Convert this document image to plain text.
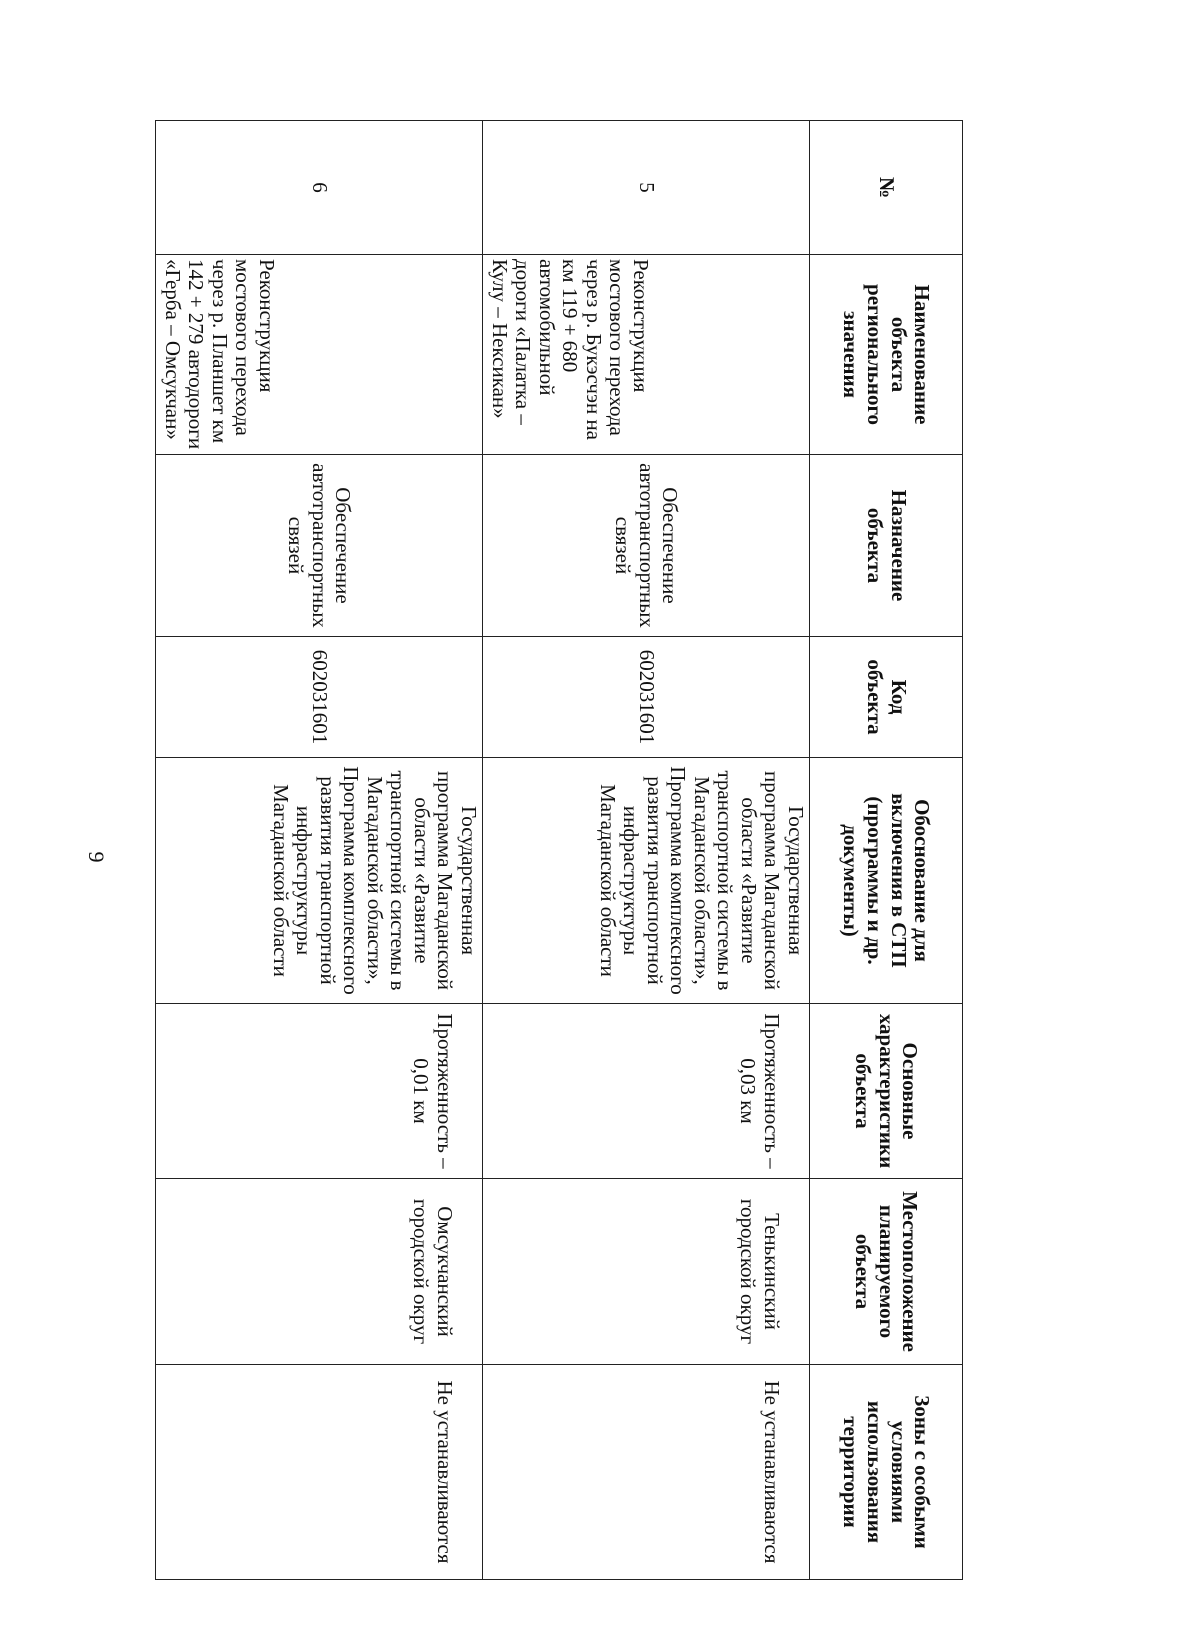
9
№	Наименование объекта регионального значения	Назначение объекта	Код объекта	Обоснование для включения в СТП (программы и др. документы)	Основные характеристики объекта	Местоположение планируемого объекта	Зоны с особыми условиями использования территории
5	Реконструкция мостового перехода через р. Букэсчэн на км 119 + 680 автомобильной дороги «Палатка – Кулу – Нексикан»	Обеспечение автотранспортных связей	602031601	Государственная программа Магаданской области «Развитие транспортной системы в Магаданской области», Программа комплексного развития транспортной инфраструктуры Магаданской области	Протяженность – 0,03 км	Тенькинский городской округ	Не устанавливаются
6	Реконструкция мостового перехода через р. Планшет км 142 + 279 автодороги «Герба – Омсукчан»	Обеспечение автотранспортных связей	602031601	Государственная программа Магаданской области «Развитие транспортной системы в Магаданской области», Программа комплексного развития транспортной инфраструктуры Магаданской области	Протяженность – 0,01 км	Омсукчанский городской округ	Не устанавливаются
